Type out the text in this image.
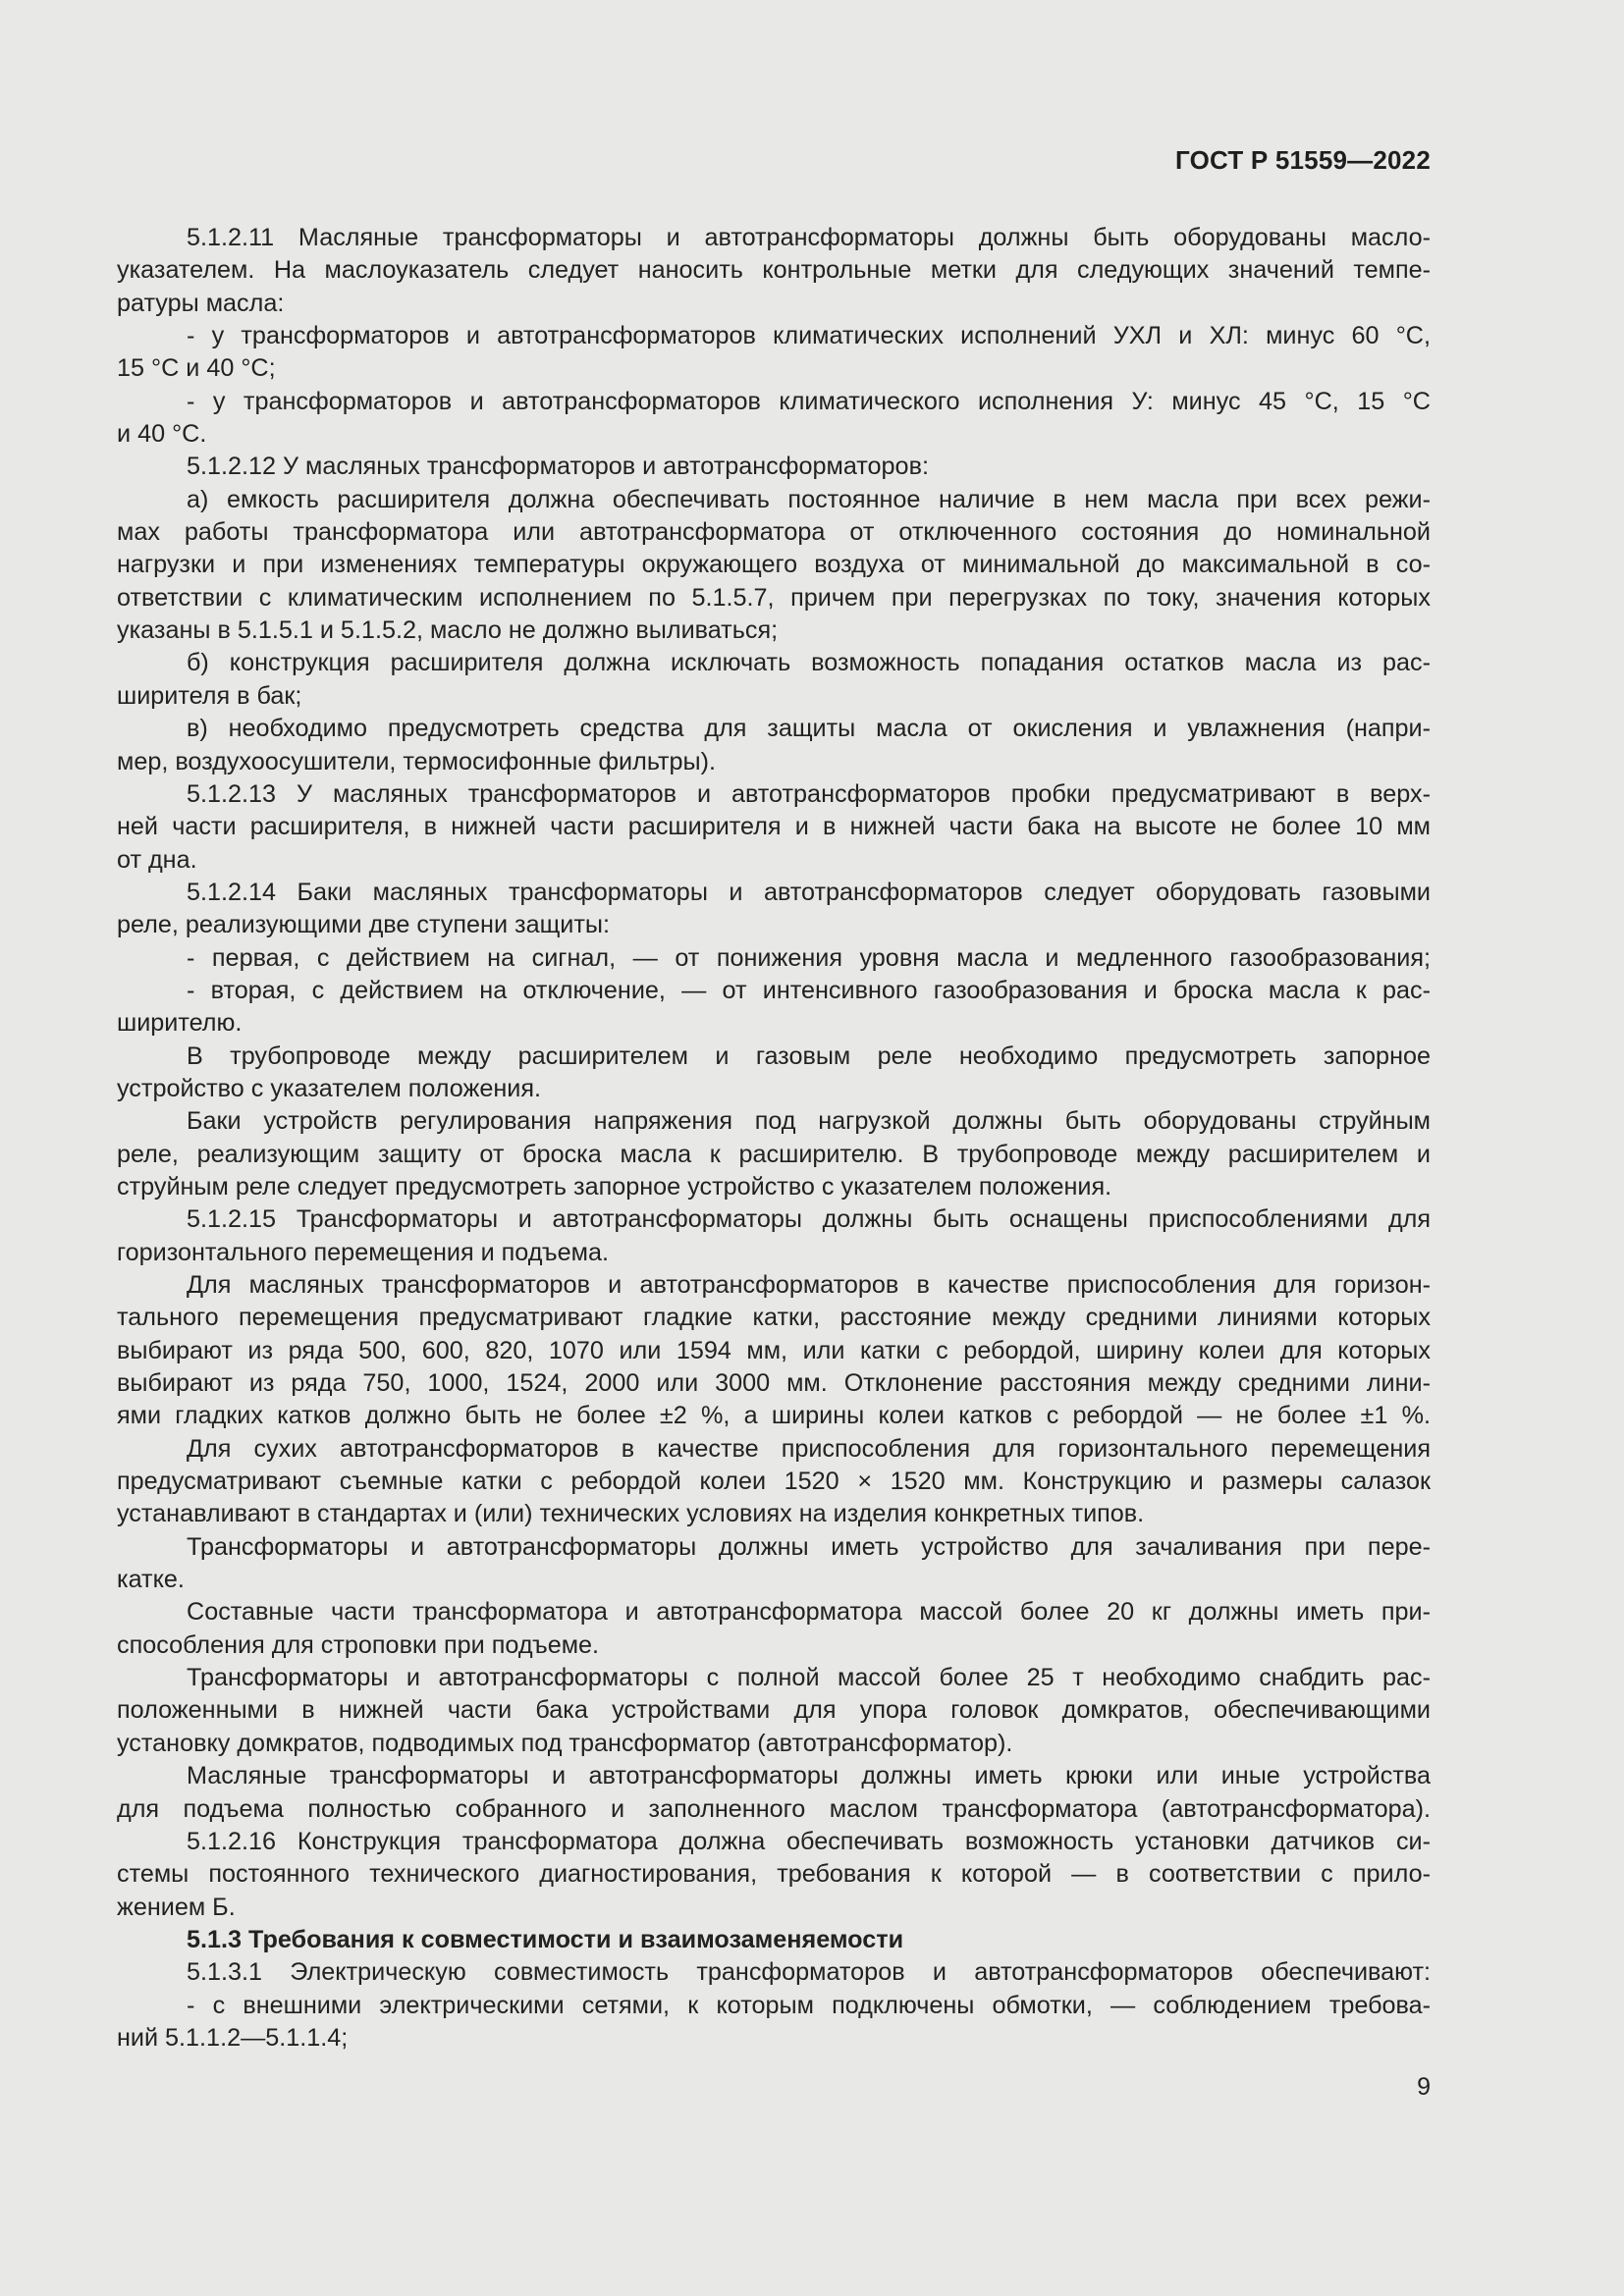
ГОСТ Р 51559—2022
5.1.2.11 Масляные трансформаторы и автотрансформаторы должны быть оборудованы масло-
указателем. На маслоуказатель следует наносить контрольные метки для следующих значений темпе-
ратуры масла:
- у трансформаторов и автотрансформаторов климатических исполнений УХЛ и ХЛ: минус 60 °С,
15 °С и 40 °С;
- у трансформаторов и автотрансформаторов климатического исполнения У: минус 45 °С, 15 °С
и 40 °С.
5.1.2.12 У масляных трансформаторов и автотрансформаторов:
а) емкость расширителя должна обеспечивать постоянное наличие в нем масла при всех режи-
мах работы трансформатора или автотрансформатора от отключенного состояния до номинальной
нагрузки и при изменениях температуры окружающего воздуха от минимальной до максимальной в со-
ответствии с климатическим исполнением по 5.1.5.7, причем при перегрузках по току, значения которых
указаны в 5.1.5.1 и 5.1.5.2, масло не должно выливаться;
б) конструкция расширителя должна исключать возможность попадания остатков масла из рас-
ширителя в бак;
в) необходимо предусмотреть средства для защиты масла от окисления и увлажнения (напри-
мер, воздухоосушители, термосифонные фильтры).
5.1.2.13 У масляных трансформаторов и автотрансформаторов пробки предусматривают в верх-
ней части расширителя, в нижней части расширителя и в нижней части бака на высоте не более 10 мм
от дна.
5.1.2.14 Баки масляных трансформаторы и автотрансформаторов следует оборудовать газовыми
реле, реализующими две ступени защиты:
- первая, с действием на сигнал, — от понижения уровня масла и медленного газообразования;
- вторая, с действием на отключение, — от интенсивного газообразования и броска масла к рас-
ширителю.
В трубопроводе между расширителем и газовым реле необходимо предусмотреть запорное
устройство с указателем положения.
Баки устройств регулирования напряжения под нагрузкой должны быть оборудованы струйным
реле, реализующим защиту от броска масла к расширителю. В трубопроводе между расширителем и
струйным реле следует предусмотреть запорное устройство с указателем положения.
5.1.2.15 Трансформаторы и автотрансформаторы должны быть оснащены приспособлениями для
горизонтального перемещения и подъема.
Для масляных трансформаторов и автотрансформаторов в качестве приспособления для горизон-
тального перемещения предусматривают гладкие катки, расстояние между средними линиями которых
выбирают из ряда 500, 600, 820, 1070 или 1594 мм, или катки с ребордой, ширину колеи для которых
выбирают из ряда 750, 1000, 1524, 2000 или 3000 мм. Отклонение расстояния между средними лини-
ями гладких катков должно быть не более ±2 %, а ширины колеи катков с ребордой — не более ±1 %.
Для сухих автотрансформаторов в качестве приспособления для горизонтального перемещения
предусматривают съемные катки с ребордой колеи 1520 × 1520 мм. Конструкцию и размеры салазок
устанавливают в стандартах и (или) технических условиях на изделия конкретных типов.
Трансформаторы и автотрансформаторы должны иметь устройство для зачаливания при пере-
катке.
Составные части трансформатора и автотрансформатора массой более 20 кг должны иметь при-
способления для строповки при подъеме.
Трансформаторы и автотрансформаторы с полной массой более 25 т необходимо снабдить рас-
положенными в нижней части бака устройствами для упора головок домкратов, обеспечивающими
установку домкратов, подводимых под трансформатор (автотрансформатор).
Масляные трансформаторы и автотрансформаторы должны иметь крюки или иные устройства
для подъема полностью собранного и заполненного маслом трансформатора (автотрансформатора).
5.1.2.16 Конструкция трансформатора должна обеспечивать возможность установки датчиков си-
стемы постоянного технического диагностирования, требования к которой — в соответствии с прило-
жением Б.
5.1.3 Требования к совместимости и взаимозаменяемости
5.1.3.1 Электрическую совместимость трансформаторов и автотрансформаторов обеспечивают:
- с внешними электрическими сетями, к которым подключены обмотки, — соблюдением требова-
ний 5.1.1.2—5.1.1.4;
9
